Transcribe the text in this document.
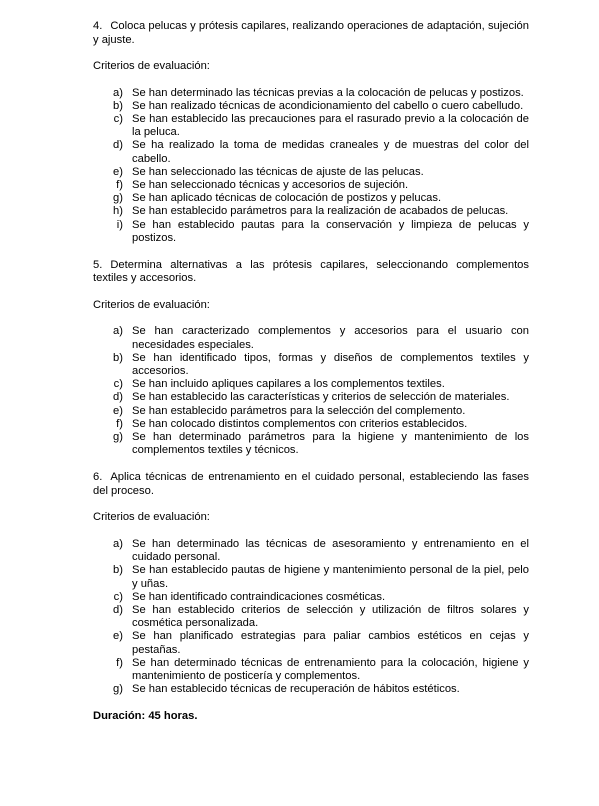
4. Coloca pelucas y prótesis capilares, realizando operaciones de adaptación, sujeción y ajuste.

Criterios de evaluación:

a) Se han determinado las técnicas previas a la colocación de pelucas y postizos.
b) Se han realizado técnicas de acondicionamiento del cabello o cuero cabelludo.
c) Se han establecido las precauciones para el rasurado previo a la colocación de la peluca.
d) Se ha realizado la toma de medidas craneales y de muestras del color del cabello.
e) Se han seleccionado las técnicas de ajuste de las pelucas.
f) Se han seleccionado técnicas y accesorios de sujeción.
g) Se han aplicado técnicas de colocación de postizos y pelucas.
h) Se han establecido parámetros para la realización de acabados de pelucas.
i) Se han establecido pautas para la conservación y limpieza de pelucas y postizos.

5. Determina alternativas a las prótesis capilares, seleccionando complementos textiles y accesorios.

Criterios de evaluación:

a) Se han caracterizado complementos y accesorios para el usuario con necesidades especiales.
b) Se han identificado tipos, formas y diseños de complementos textiles y accesorios.
c) Se han incluido apliques capilares a los complementos textiles.
d) Se han establecido las características y criterios de selección de materiales.
e) Se han establecido parámetros para la selección del complemento.
f) Se han colocado distintos complementos con criterios establecidos.
g) Se han determinado parámetros para la higiene y mantenimiento de los complementos textiles y técnicos.

6. Aplica técnicas de entrenamiento en el cuidado personal, estableciendo las fases del proceso.

Criterios de evaluación:

a) Se han determinado las técnicas de asesoramiento y entrenamiento en el cuidado personal.
b) Se han establecido pautas de higiene y mantenimiento personal de la piel, pelo y uñas.
c) Se han identificado contraindicaciones cosméticas.
d) Se han establecido criterios de selección y utilización de filtros solares y cosmética personalizada.
e) Se han planificado estrategias para paliar cambios estéticos en cejas y pestañas.
f) Se han determinado técnicas de entrenamiento para la colocación, higiene y mantenimiento de posticería y complementos.
g) Se han establecido técnicas de recuperación de hábitos estéticos.

Duración: 45 horas.
